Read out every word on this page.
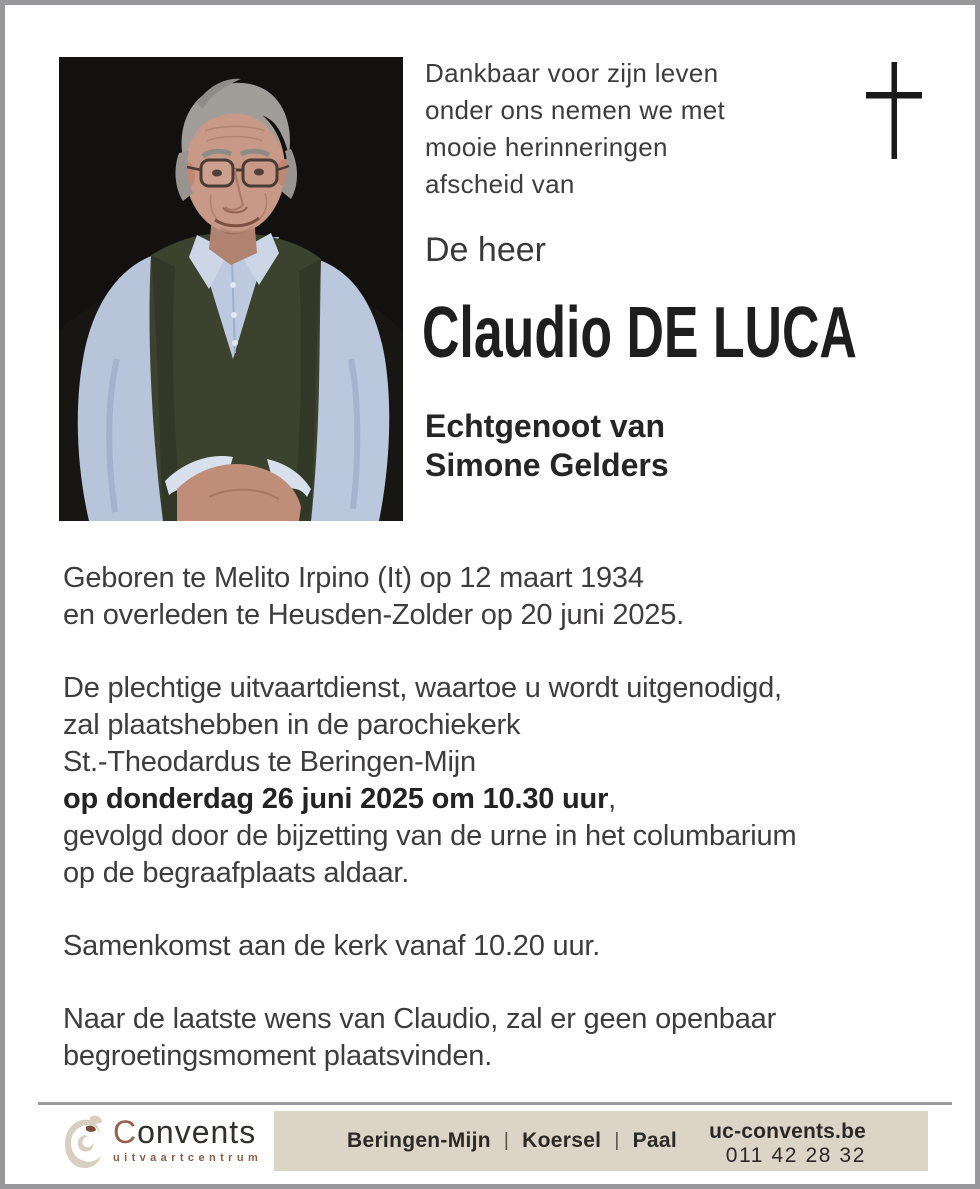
Dankbaar voor zijn leven
onder ons nemen we met
mooie herinneringen
afscheid van
De heer
Claudio DE LUCA
Echtgenoot van
Simone Gelders

Geboren te Melito Irpino (It) op 12 maart 1934
en overleden te Heusden-Zolder op 20 juni 2025.

De plechtige uitvaartdienst, waartoe u wordt uitgenodigd,
zal plaatshebben in de parochiekerk
St.-Theodardus te Beringen-Mijn
op donderdag 26 juni 2025 om 10.30 uur,
gevolgd door de bijzetting van de urne in het columbarium
op de begraafplaats aldaar.

Samenkomst aan de kerk vanaf 10.20 uur.

Naar de laatste wens van Claudio, zal er geen openbaar
begroetingsmoment plaatsvinden.

Convents
uitvaartcentrum
Beringen-Mijn | Koersel | Paal uc-convents.be
011 42 28 32
